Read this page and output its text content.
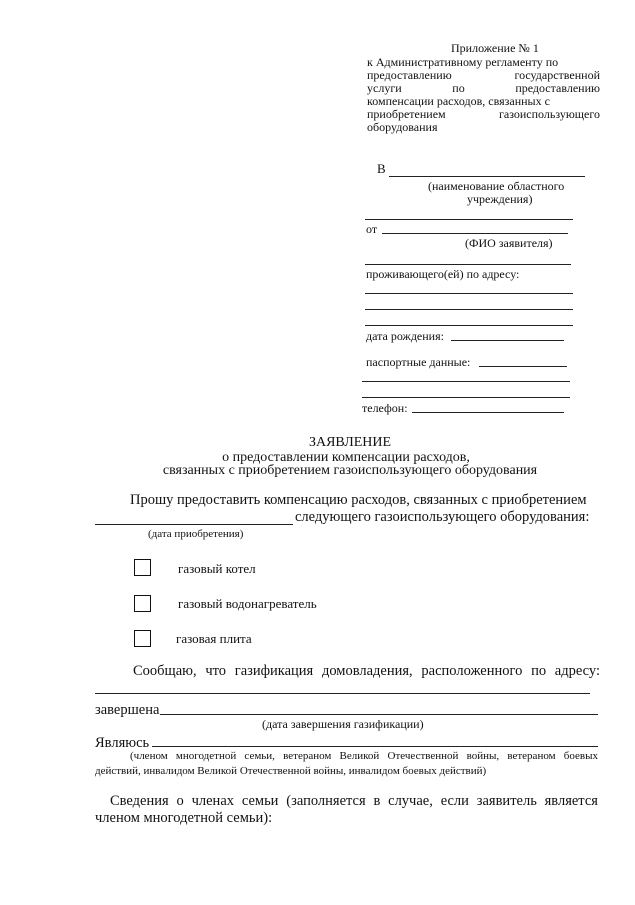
Приложение № 1
к Административному регламенту по
предоставлению	государственной
услуги	по	предоставлению
компенсации расходов, связанных с
приобретением	газоиспользующего
оборудования
В
(наименование областного
учреждения)
от
(ФИО заявителя)
проживающего(ей) по адресу:
дата рождения:
паспортные данные:
телефон:
ЗАЯВЛЕНИЕ
о предоставлении компенсации расходов,
связанных с приобретением газоиспользующего оборудования
Прошу предоставить компенсацию расходов, связанных с приобретением
следующего газоиспользующего оборудования:
(дата приобретения)
газовый котел
газовый водонагреватель
газовая плита
Сообщаю, что газификация домовладения, расположенного по адресу:
завершена
(дата завершения газификации)
Являюсь
(членом многодетной семьи, ветераном Великой Отечественной войны, ветераном боевых
действий, инвалидом Великой Отечественной войны, инвалидом боевых действий)
Сведения о членах семьи (заполняется в случае, если заявитель является
членом многодетной семьи):
